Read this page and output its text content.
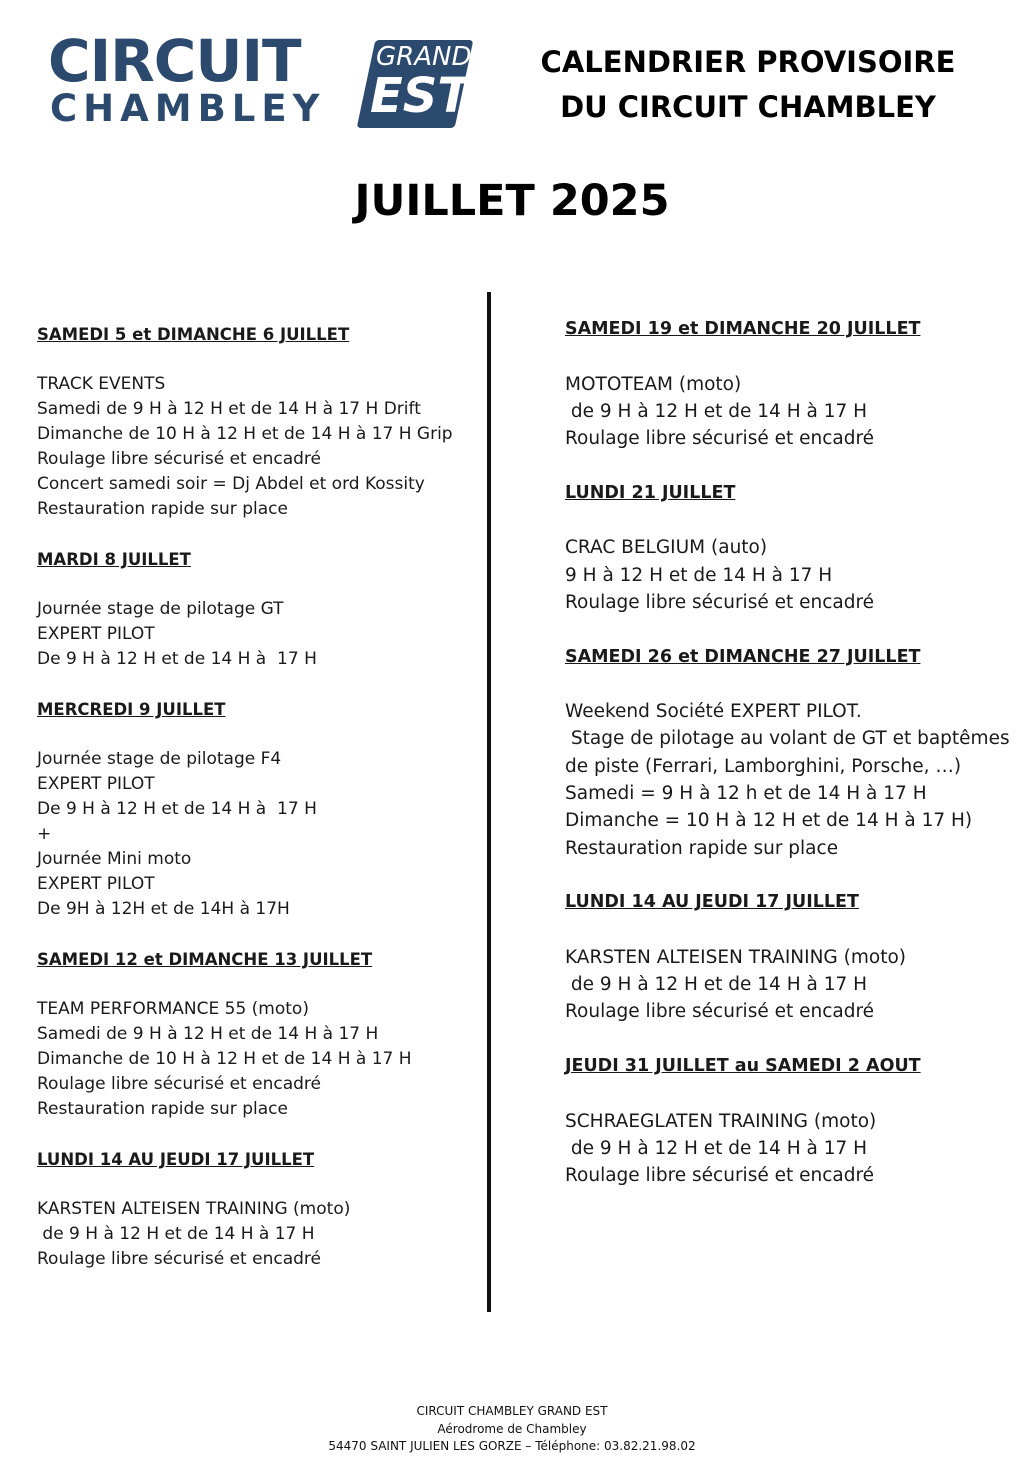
CIRCUIT
CHAMBLEY
GRAND
EST
CALENDRIER PROVISOIRE
DU CIRCUIT CHAMBLEY
JUILLET 2025
SAMEDI 5 et DIMANCHE 6 JUILLET
TRACK EVENTS
Samedi de 9 H à 12 H et de 14 H à 17 H Drift
Dimanche de 10 H à 12 H et de 14 H à 17 H Grip
Roulage libre sécurisé et encadré
Concert samedi soir = Dj Abdel et ord Kossity
Restauration rapide sur place
MARDI 8 JUILLET
Journée stage de pilotage GT
EXPERT PILOT
De 9 H à 12 H et de 14 H à  17 H
MERCREDI 9 JUILLET
Journée stage de pilotage F4
EXPERT PILOT
De 9 H à 12 H et de 14 H à  17 H
+
Journée Mini moto
EXPERT PILOT
De 9H à 12H et de 14H à 17H
SAMEDI 12 et DIMANCHE 13 JUILLET
TEAM PERFORMANCE 55 (moto)
Samedi de 9 H à 12 H et de 14 H à 17 H
Dimanche de 10 H à 12 H et de 14 H à 17 H
Roulage libre sécurisé et encadré
Restauration rapide sur place
LUNDI 14 AU JEUDI 17 JUILLET
KARSTEN ALTEISEN TRAINING (moto)
de 9 H à 12 H et de 14 H à 17 H
Roulage libre sécurisé et encadré
SAMEDI 19 et DIMANCHE 20 JUILLET
MOTOTEAM (moto)
de 9 H à 12 H et de 14 H à 17 H
Roulage libre sécurisé et encadré
LUNDI 21 JUILLET
CRAC BELGIUM (auto)
9 H à 12 H et de 14 H à 17 H
Roulage libre sécurisé et encadré
SAMEDI 26 et DIMANCHE 27 JUILLET
Weekend Société EXPERT PILOT.
Stage de pilotage au volant de GT et baptêmes
de piste (Ferrari, Lamborghini, Porsche, …)
Samedi = 9 H à 12 h et de 14 H à 17 H
Dimanche = 10 H à 12 H et de 14 H à 17 H)
Restauration rapide sur place
LUNDI 14 AU JEUDI 17 JUILLET
KARSTEN ALTEISEN TRAINING (moto)
de 9 H à 12 H et de 14 H à 17 H
Roulage libre sécurisé et encadré
JEUDI 31 JUILLET au SAMEDI 2 AOUT
SCHRAEGLATEN TRAINING (moto)
de 9 H à 12 H et de 14 H à 17 H
Roulage libre sécurisé et encadré
CIRCUIT CHAMBLEY GRAND EST
Aérodrome de Chambley
54470 SAINT JULIEN LES GORZE – Téléphone: 03.82.21.98.02
